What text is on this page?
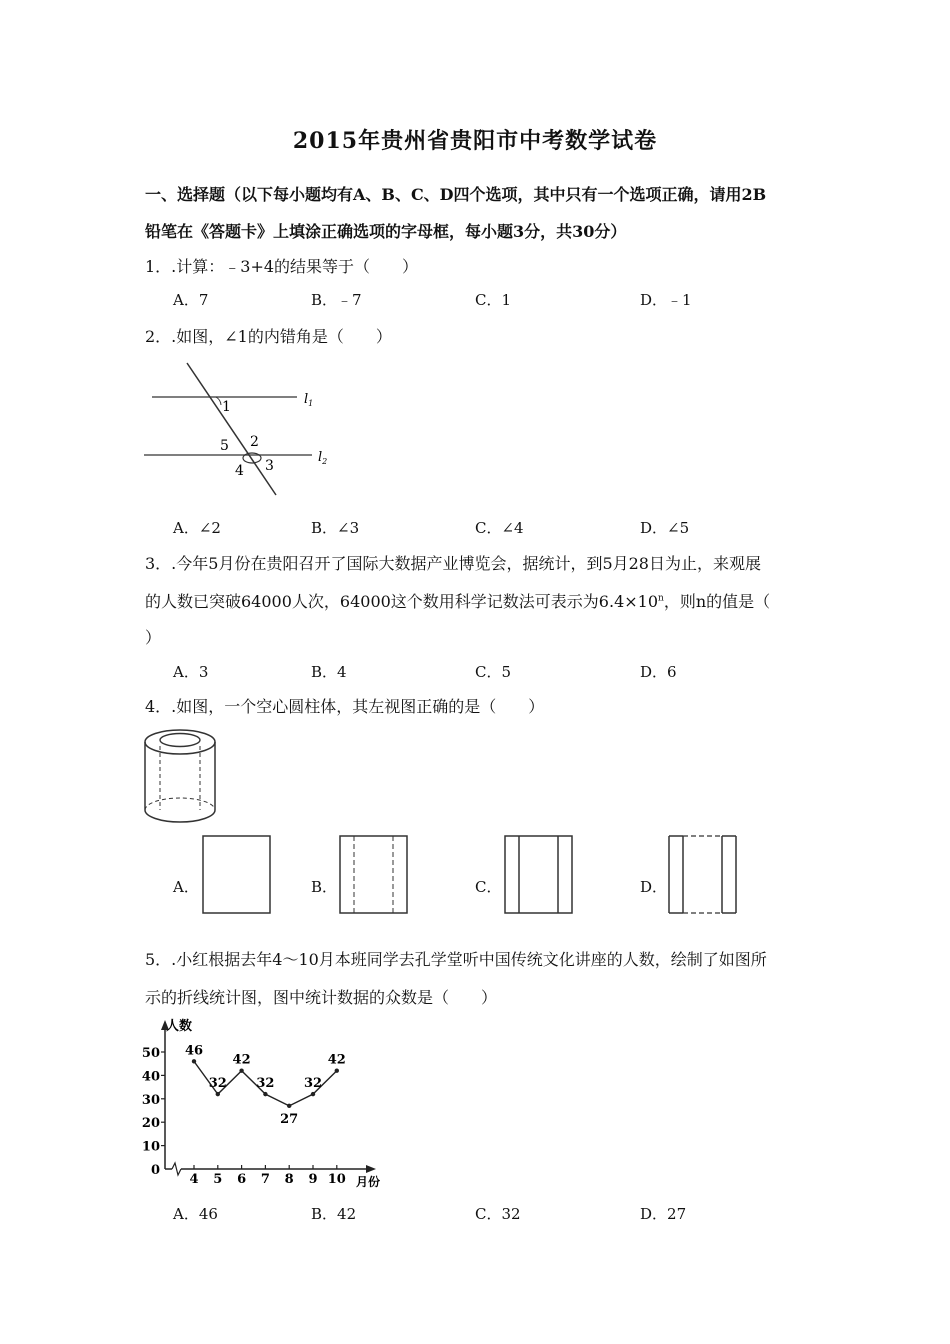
2015年贵州省贵阳市中考数学试卷
一、选择题（以下每小题均有A、B、C、D四个选项，其中只有一个选项正确，请用2B
铅笔在《答题卡》上填涂正确选项的字母框，每小题3分，共30分）
1．.计算：﹣3+4的结果等于（　　）
A．7	B．﹣7	C．1	D．﹣1
2．.如图，∠1的内错角是（　　）
1
2
3
4
5
$l_1$
$l_2$
A．∠2	B．∠3	C．∠4	D．∠5
3．.今年5月份在贵阳召开了国际大数据产业博览会，据统计，到5月28日为止，来观展
的人数已突破64000人次，64000这个数用科学记数法可表示为$6.4\times 10^n$，则n的值是（
）
A．3	B．4	C．5	D．6
4．.如图，一个空心圆柱体，其左视图正确的是（　　）
A．	B．	C．	D．
5．.小红根据去年4～10月本班同学去孔学堂听中国传统文化讲座的人数，绘制了如图所
示的折线统计图，图中统计数据的众数是（　　）
人数
月份
0
10
20
30
40
50
4 5 6 7 8 9 10
46
32
42
32
27
32
42
A．46	B．42	C．32	D．27
